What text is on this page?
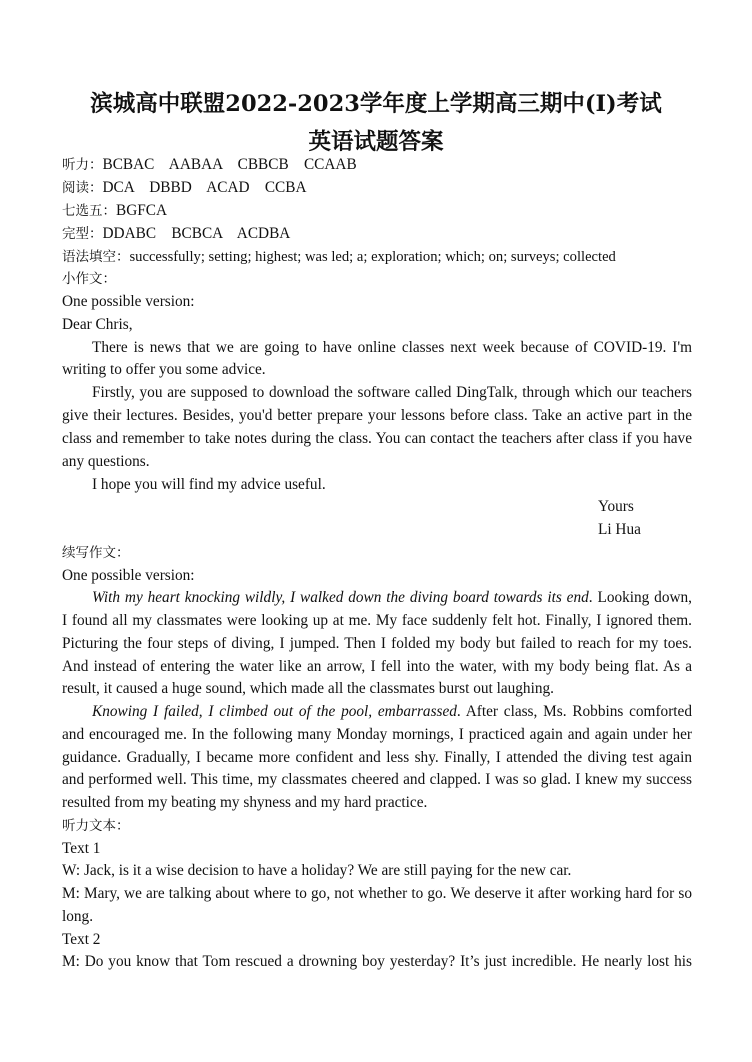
滨城高中联盟2022-2023学年度上学期高三期中(I)考试
英语试题答案
听力：BCBAC    AABAA    CBBCB    CCAAB
阅读：DCA    DBBD    ACAD    CCBA
七选五：BGFCA
完型：DDABC    BCBCA    ACDBA
语法填空：successfully; setting; highest; was led; a; exploration; which; on; surveys; collected
小作文：
One possible version:
Dear Chris,
There is news that we are going to have online classes next week because of COVID-19. I'm
writing to offer you some advice.
Firstly, you are supposed to download the software called DingTalk, through which our teachers
give their lectures. Besides, you'd better prepare your lessons before class. Take an active part in the
class and remember to take notes during the class. You can contact the teachers after class if you have
any questions.
I hope you will find my advice useful.
Yours
Li Hua
续写作文：
One possible version:
With my heart knocking wildly, I walked down the diving board towards its end. Looking down,
I found all my classmates were looking up at me. My face suddenly felt hot. Finally, I ignored them.
Picturing the four steps of diving, I jumped. Then I folded my body but failed to reach for my toes.
And instead of entering the water like an arrow, I fell into the water, with my body being flat. As a
result, it caused a huge sound, which made all the classmates burst out laughing.
Knowing I failed, I climbed out of the pool, embarrassed. After class, Ms. Robbins comforted
and encouraged me. In the following many Monday mornings, I practiced again and again under her
guidance. Gradually, I became more confident and less shy. Finally, I attended the diving test again
and performed well. This time, my classmates cheered and clapped. I was so glad. I knew my success
resulted from my beating my shyness and my hard practice.
听力文本：
Text 1
W: Jack, is it a wise decision to have a holiday? We are still paying for the new car.
M: Mary, we are talking about where to go, not whether to go. We deserve it after working hard for so
long.
Text 2
M: Do you know that Tom rescued a drowning boy yesterday? It’s just incredible. He nearly lost his
